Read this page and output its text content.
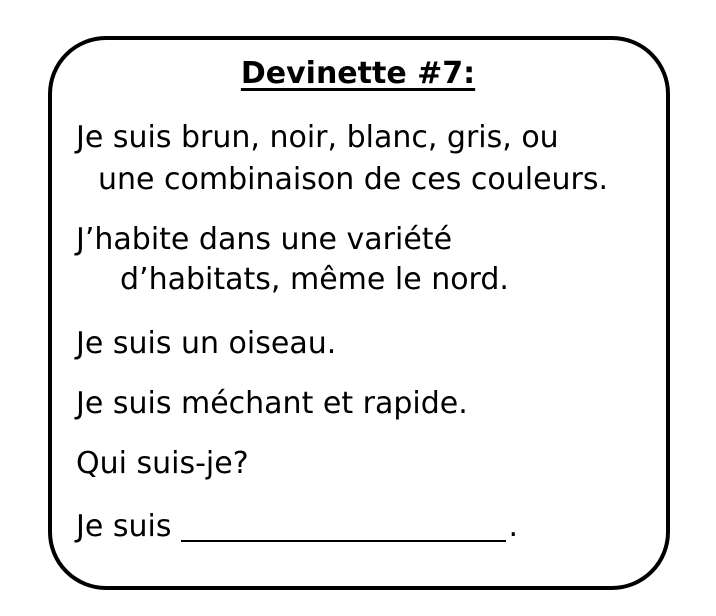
Devinette #7:
Je suis brun, noir, blanc, gris, ou
une combinaison de ces couleurs.
J’habite dans une variété
d’habitats, même le nord.
Je suis un oiseau.
Je suis méchant et rapide.
Qui suis-je?
Je suis	.
